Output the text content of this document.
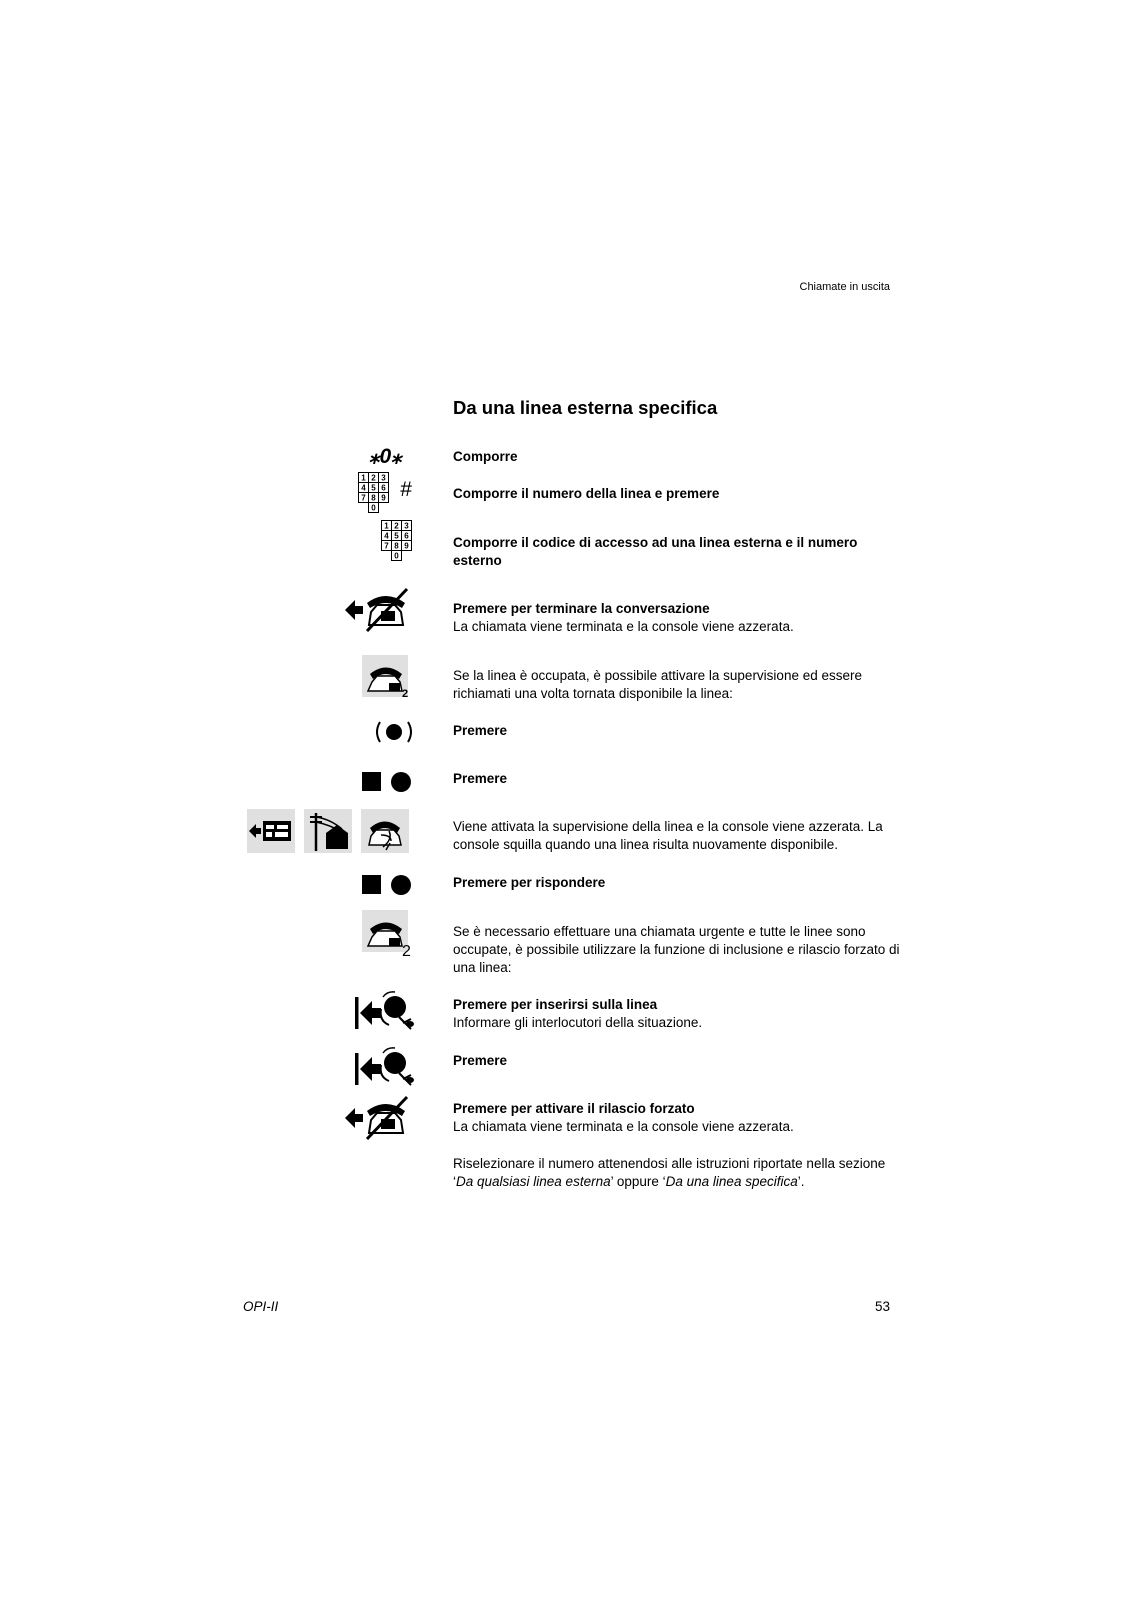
Chiamate in uscita
Da una linea esterna specifica
⁎0⁎
1 2 3
4 5 6
7 8 9
0
#
1 2 3
4 5 6
7 8 9
0
2
2
Comporre
Comporre il numero della linea e premere
Comporre il codice di accesso ad una linea esterna e il numero esterno
Premere per terminare la conversazione
La chiamata viene terminata e la console viene azzerata.
Se la linea è occupata, è possibile attivare la supervisione ed essere richiamati una volta tornata disponibile la linea:
Premere
Premere
Viene attivata la supervisione della linea e la console viene azzerata. La console squilla quando una linea risulta nuovamente disponibile.
Premere per rispondere
Se è necessario effettuare una chiamata urgente e tutte le linee sono occupate, è possibile utilizzare la funzione di inclusione e rilascio forzato di una linea:
Premere per inserirsi sulla linea
Informare gli interlocutori della situazione.
Premere
Premere per attivare il rilascio forzato
La chiamata viene terminata e la console viene azzerata.
Riselezionare il numero attenendosi alle istruzioni riportate nella sezione ‘Da qualsiasi linea esterna’ oppure ‘Da una linea specifica’.
OPI-II	53
